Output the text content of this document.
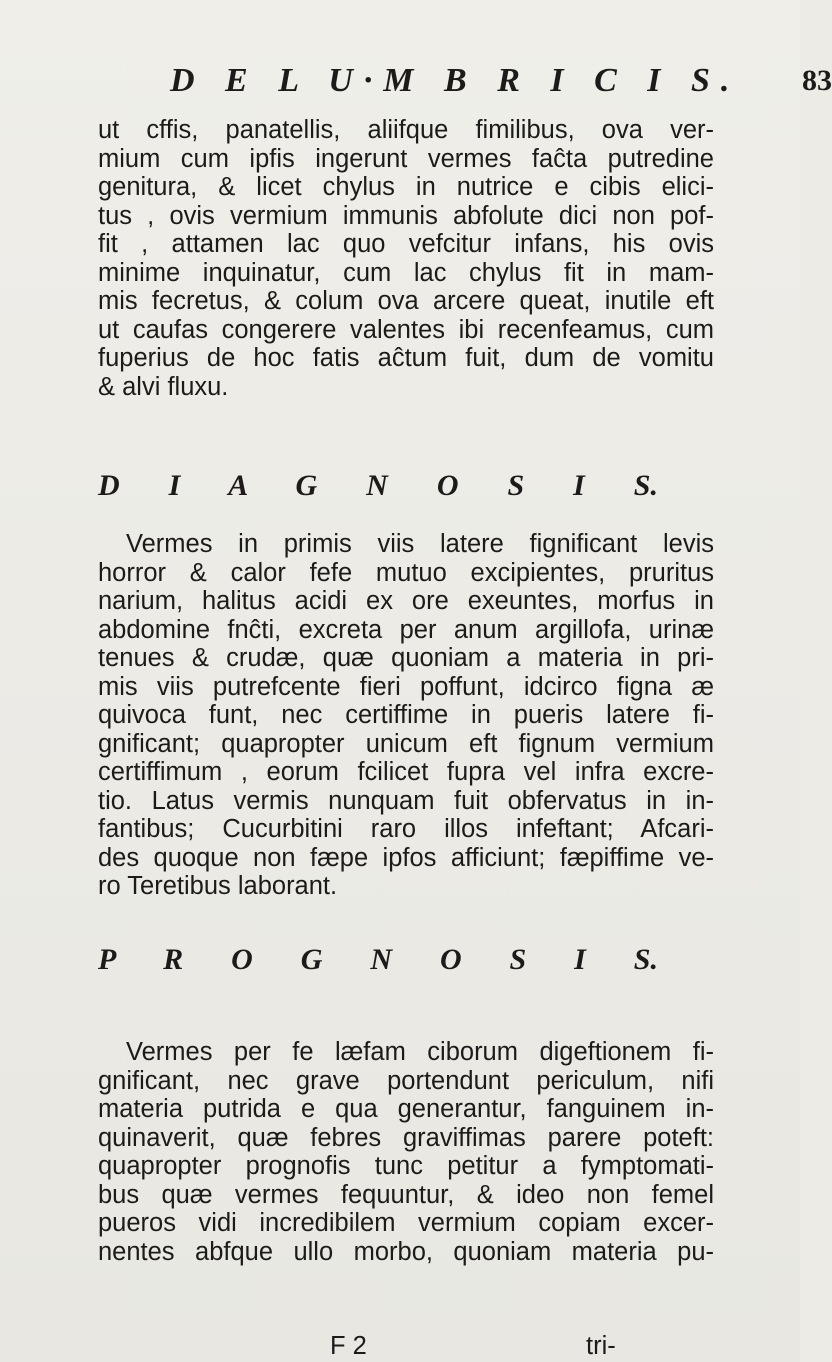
D E L U·M B R I C I S. 83
ut cffis, panatellis, aliifque fimilibus, ova ver-
mium cum ipfis ingerunt vermes faĉta putredine
genitura, & licet chylus in nutrice e cibis elici-
tus , ovis vermium immunis abfolute dici non pof-
fit , attamen lac quo vefcitur infans, his ovis
minime inquinatur, cum lac chylus fit in mam-
mis fecretus, & colum ova arcere queat, inutile eft
ut caufas congerere valentes ibi recenfeamus, cum
fuperius de hoc fatis aĉtum fuit, dum de vomitu
& alvi fluxu.
D I A G N O S I S.
Vermes in primis viis latere fignificant levis
horror & calor fefe mutuo excipientes, pruritus
narium, halitus acidi ex ore exeuntes, morfus in
abdomine fnĉti, excreta per anum argillofa, urinæ
tenues & crudæ, quæ quoniam a materia in pri-
mis viis putrefcente fieri poffunt, idcirco figna æ
quivoca funt, nec certiffime in pueris latere fi-
gnificant; quapropter unicum eft fignum vermium
certiffimum , eorum fcilicet fupra vel infra excre-
tio. Latus vermis nunquam fuit obfervatus in in-
fantibus; Cucurbitini raro illos infeftant; Afcari-
des quoque non fæpe ipfos afficiunt; fæpiffime ve-
ro Teretibus laborant.
P R O G N O S I S.
Vermes per fe læfam ciborum digeftionem fi-
gnificant, nec grave portendunt periculum, nifi
materia putrida e qua generantur, fanguinem in-
quinaverit, quæ febres graviffimas parere poteft:
quapropter prognofis tunc petitur a fymptomati-
bus quæ vermes fequuntur, & ideo non femel
pueros vidi incredibilem vermium copiam excer-
nentes abfque ullo morbo, quoniam materia pu-
F 2	tri-
